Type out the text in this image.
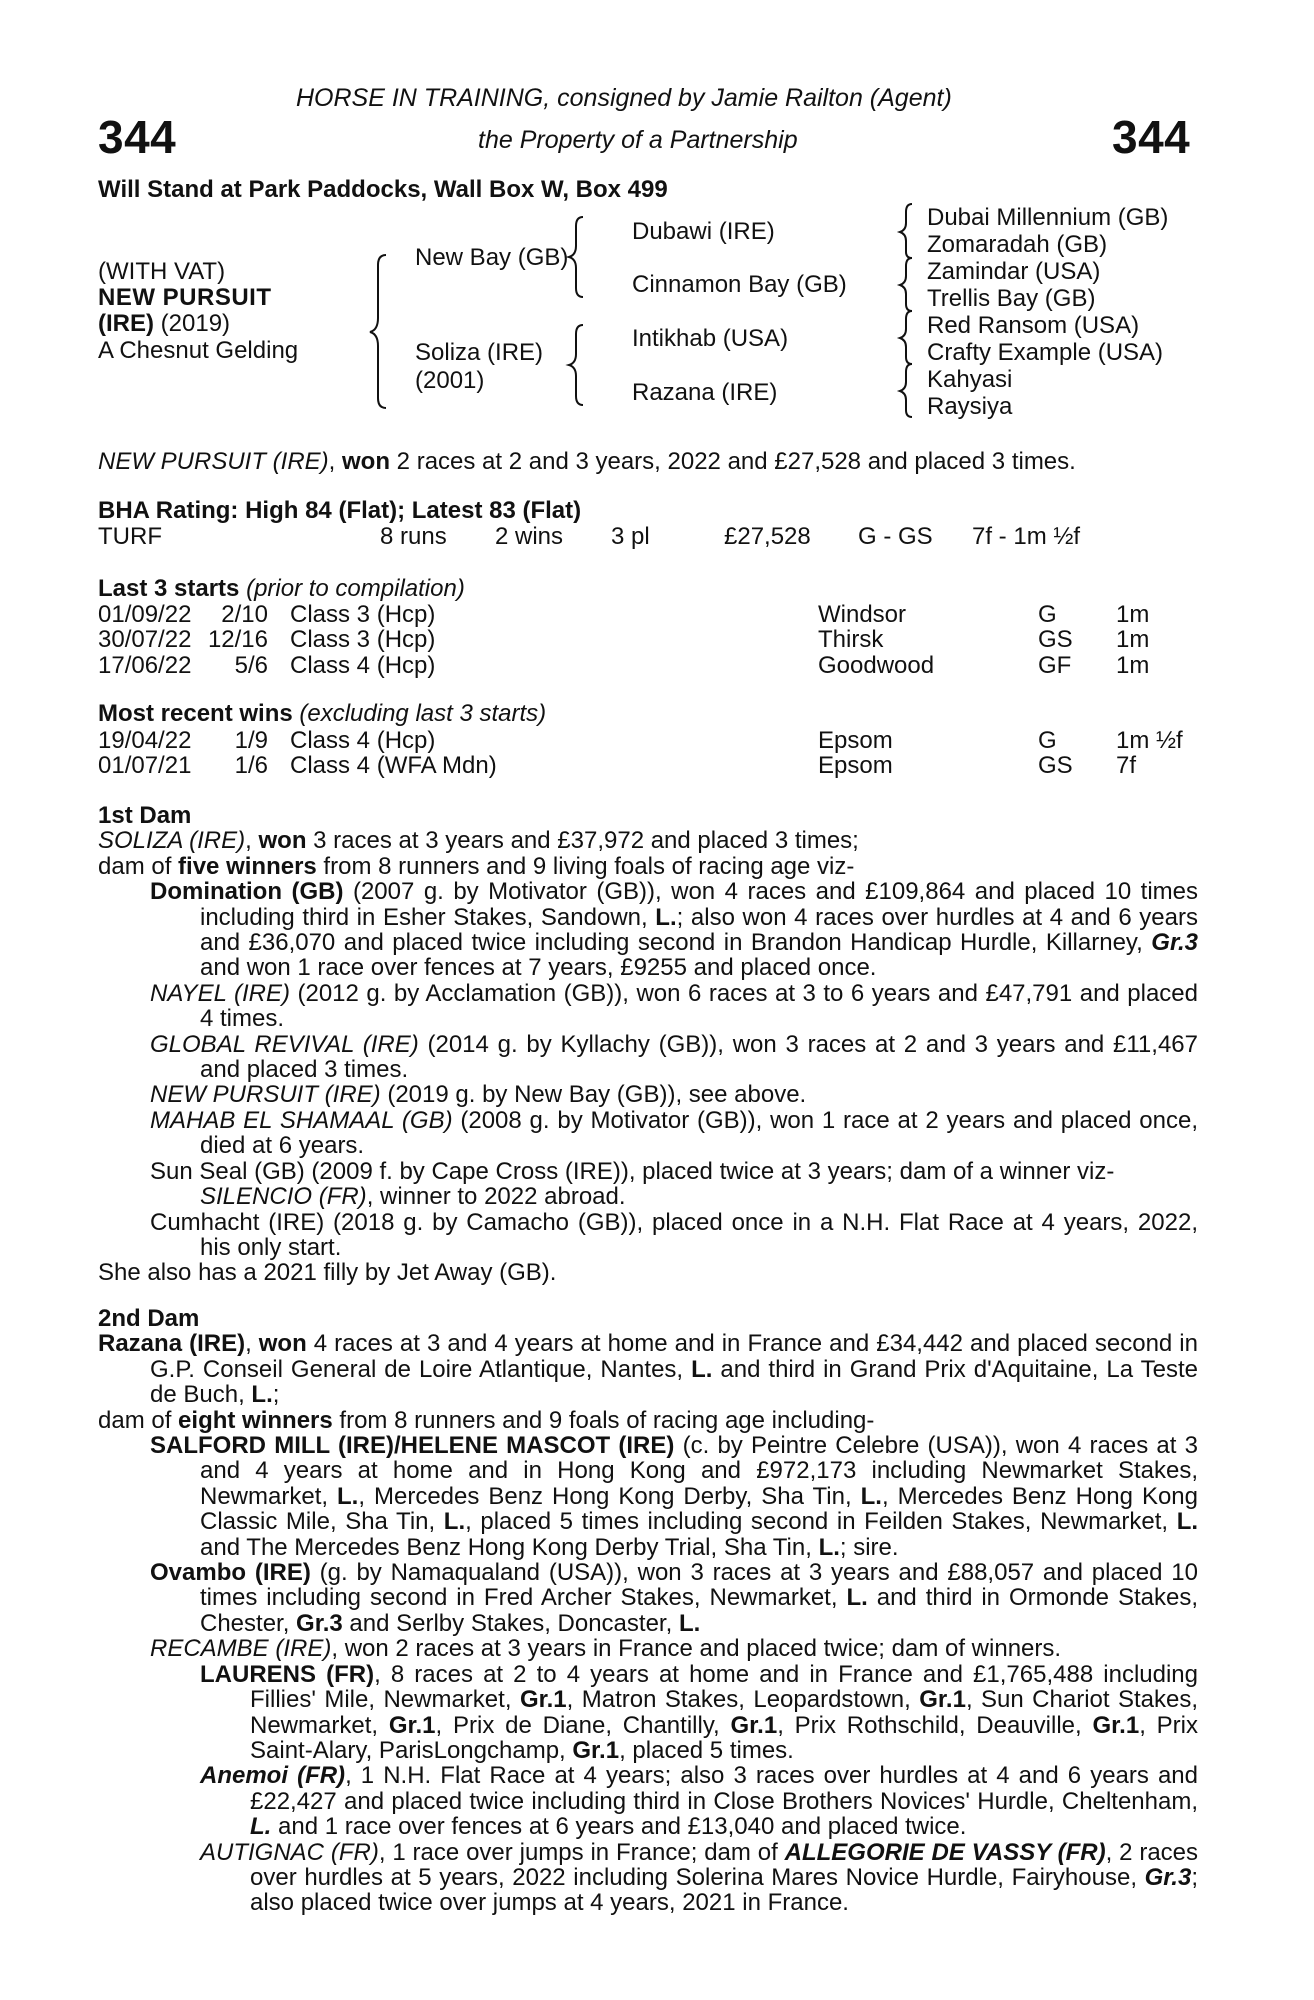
344	344
HORSE IN TRAINING, consigned by Jamie Railton (Agent)
the Property of a Partnership
Will Stand at Park Paddocks, Wall Box W, Box 499
(WITH VAT)
NEW PURSUIT
(IRE) (2019)
A Chesnut Gelding
New Bay (GB)
Soliza (IRE)
(2001)
Dubawi (IRE)
Cinnamon Bay (GB)
Intikhab (USA)
Razana (IRE)
Dubai Millennium (GB)
Zomaradah (GB)
Zamindar (USA)
Trellis Bay (GB)
Red Ransom (USA)
Crafty Example (USA)
Kahyasi
Raysiya
NEW PURSUIT (IRE), won 2 races at 2 and 3 years, 2022 and £27,528 and placed 3 times.
BHA Rating: High 84 (Flat); Latest 83 (Flat)
TURF	8 runs 2 wins 3 pl	£27,528 G - GS 7f - 1m ½f
Last 3 starts (prior to compilation)
01/09/22	2/10 Class 3 (Hcp)	Windsor	G 1m
30/07/22 12/16 Class 3 (Hcp)	Thirsk	GS 1m
17/06/22	5/6 Class 4 (Hcp)	Goodwood	GF 1m
Most recent wins (excluding last 3 starts)
19/04/22	1/9 Class 4 (Hcp)	Epsom	G 1m ½f
01/07/21	1/6 Class 4 (WFA Mdn)	Epsom	GS 7f

1st Dam

SOLIZA (IRE), won 3 races at 3 years and £37,972 and placed 3 times;

dam of five winners from 8 runners and 9 living foals of racing age viz-

Domination (GB) (2007 g. by Motivator (GB)), won 4 races and £109,864 and placed 10 times including third in Esher Stakes, Sandown, L.; also won 4 races over hurdles at 4 and 6 years and £36,070 and placed twice including second in Brandon Handicap Hurdle, Killarney, Gr.3 and won 1 race over fences at 7 years, £9255 and placed once.

NAYEL (IRE) (2012 g. by Acclamation (GB)), won 6 races at 3 to 6 years and £47,791 and placed 4 times.

GLOBAL REVIVAL (IRE) (2014 g. by Kyllachy (GB)), won 3 races at 2 and 3 years and £11,467 and placed 3 times.

NEW PURSUIT (IRE) (2019 g. by New Bay (GB)), see above.

MAHAB EL SHAMAAL (GB) (2008 g. by Motivator (GB)), won 1 race at 2 years and placed once, died at 6 years.

Sun Seal (GB) (2009 f. by Cape Cross (IRE)), placed twice at 3 years; dam of a winner viz-
SILENCIO (FR), winner to 2022 abroad.

Cumhacht (IRE) (2018 g. by Camacho (GB)), placed once in a N.H. Flat Race at 4 years, 2022, his only start.

She also has a 2021 filly by Jet Away (GB).

2nd Dam

Razana (IRE), won 4 races at 3 and 4 years at home and in France and £34,442 and placed second in G.P. Conseil General de Loire Atlantique, Nantes, L. and third in Grand Prix d'Aquitaine, La Teste de Buch, L.;

dam of eight winners from 8 runners and 9 foals of racing age including-

SALFORD MILL (IRE)/HELENE MASCOT (IRE) (c. by Peintre Celebre (USA)), won 4 races at 3 and 4 years at home and in Hong Kong and £972,173 including Newmarket Stakes, Newmarket, L., Mercedes Benz Hong Kong Derby, Sha Tin, L., Mercedes Benz Hong Kong Classic Mile, Sha Tin, L., placed 5 times including second in Feilden Stakes, Newmarket, L. and The Mercedes Benz Hong Kong Derby Trial, Sha Tin, L.; sire.

Ovambo (IRE) (g. by Namaqualand (USA)), won 3 races at 3 years and £88,057 and placed 10 times including second in Fred Archer Stakes, Newmarket, L. and third in Ormonde Stakes, Chester, Gr.3 and Serlby Stakes, Doncaster, L.

RECAMBE (IRE), won 2 races at 3 years in France and placed twice; dam of winners.

LAURENS (FR), 8 races at 2 to 4 years at home and in France and £1,765,488 including Fillies' Mile, Newmarket, Gr.1, Matron Stakes, Leopardstown, Gr.1, Sun Chariot Stakes, Newmarket, Gr.1, Prix de Diane, Chantilly, Gr.1, Prix Rothschild, Deauville, Gr.1, Prix Saint-Alary, ParisLongchamp, Gr.1, placed 5 times.

Anemoi (FR), 1 N.H. Flat Race at 4 years; also 3 races over hurdles at 4 and 6 years and £22,427 and placed twice including third in Close Brothers Novices' Hurdle, Cheltenham, L. and 1 race over fences at 6 years and £13,040 and placed twice.

AUTIGNAC (FR), 1 race over jumps in France; dam of ALLEGORIE DE VASSY (FR), 2 races over hurdles at 5 years, 2022 including Solerina Mares Novice Hurdle, Fairyhouse, Gr.3; also placed twice over jumps at 4 years, 2021 in France.
